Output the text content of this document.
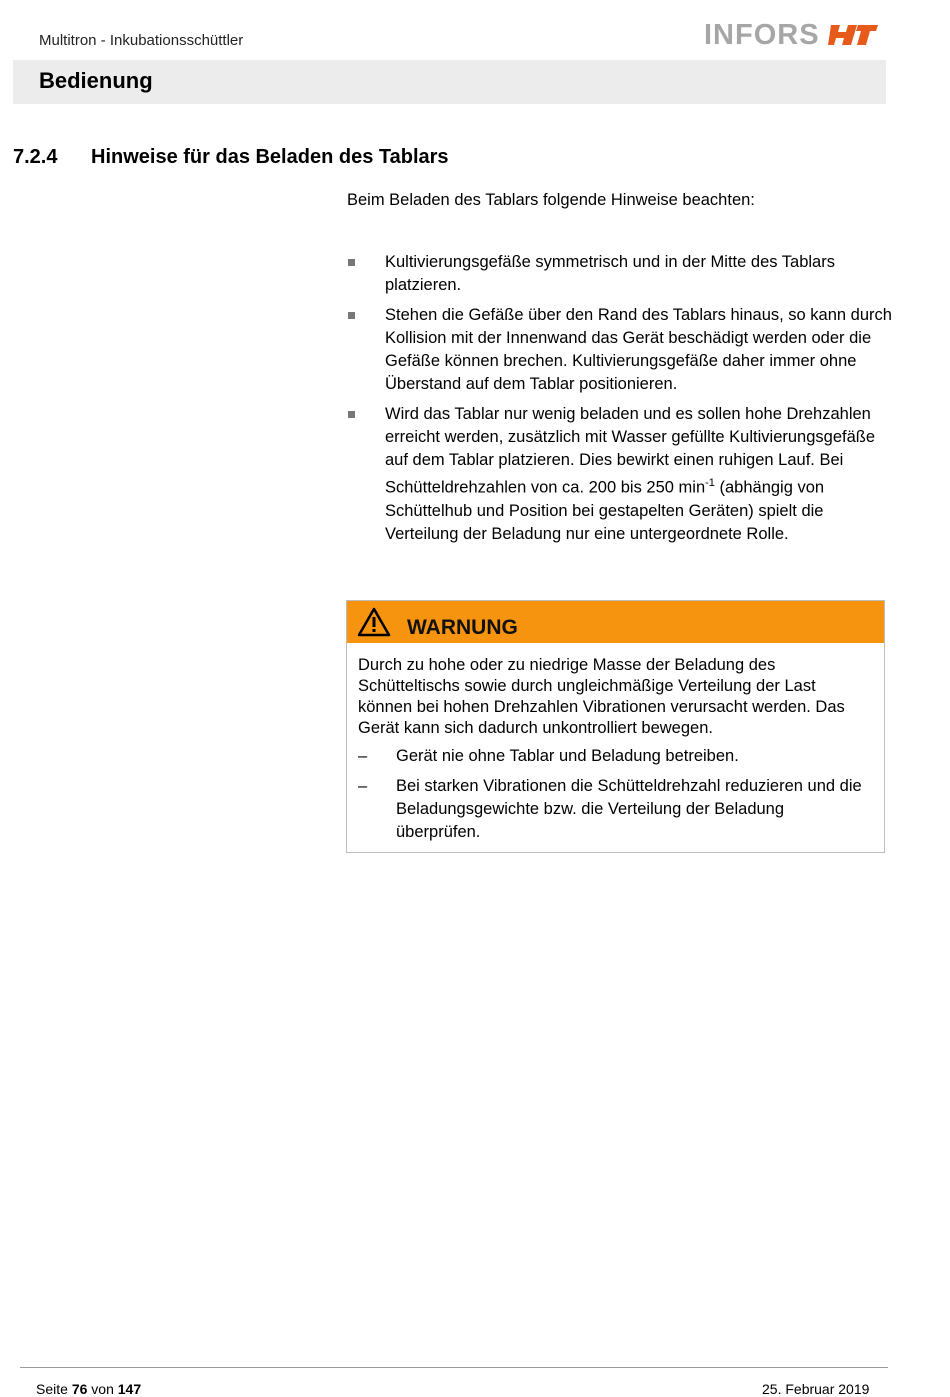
Multitron - Inkubationsschüttler	INFORS
Bedienung
7.2.4 Hinweise für das Beladen des Tablars
Beim Beladen des Tablars folgende Hinweise beachten:
Kultivierungsgefäße symmetrisch und in der Mitte des Tablars platzieren.
Stehen die Gefäße über den Rand des Tablars hinaus, so kann durch Kollision mit der Innenwand das Gerät beschädigt werden oder die Gefäße können brechen. Kultivierungsgefäße daher immer ohne Überstand auf dem Tablar positionieren.
Wird das Tablar nur wenig beladen und es sollen hohe Drehzahlen erreicht werden, zusätzlich mit Wasser gefüllte Kultivierungsgefäße auf dem Tablar platzieren. Dies bewirkt einen ruhigen Lauf. Bei Schütteldrehzahlen von ca. 200 bis 250 $\min^{-1}$ (abhängig von Schüttelhub und Position bei gestapelten Geräten) spielt die Verteilung der Beladung nur eine untergeordnete Rolle.
WARNUNG

Durch zu hohe oder zu niedrige Masse der Beladung des Schütteltischs sowie durch ungleichmäßige Verteilung der Last können bei hohen Drehzahlen Vibrationen verursacht werden. Das Gerät kann sich dadurch unkontrolliert bewegen.

– Gerät nie ohne Tablar und Beladung betreiben.
– Bei starken Vibrationen die Schütteldrehzahl reduzieren und die Beladungsgewichte bzw. die Verteilung der Beladung überprüfen.
Seite 76 von 147	25. Februar 2019
